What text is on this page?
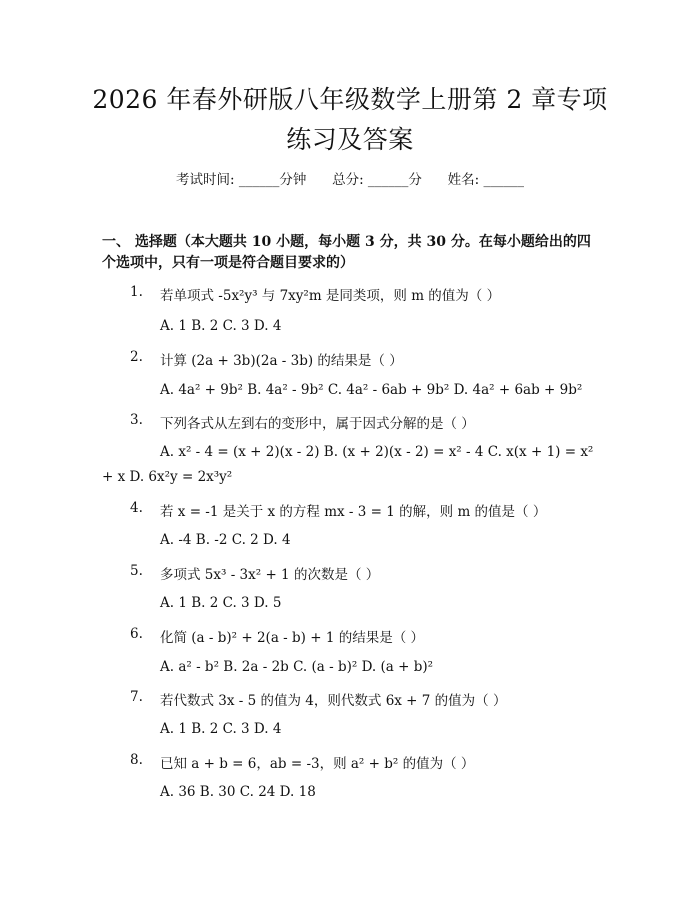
2026 年春外研版八年级数学上册第 2 章专项
练习及答案
考试时间: ______分钟      总分: ______分      姓名: ______
一、 选择题（本大题共 10 小题，每小题 3 分，共 30 分。在每小题给出的四个选项中，只有一项是符合题目要求的）
1. 若单项式 -5x²y³ 与 7xy²m 是同类项，则 m 的值为（ ）
A. 1 B. 2 C. 3 D. 4
2. 计算 (2a + 3b)(2a - 3b) 的结果是（ ）
A. 4a² + 9b² B. 4a² - 9b² C. 4a² - 6ab + 9b² D. 4a² + 6ab + 9b²
3. 下列各式从左到右的变形中，属于因式分解的是（ ）
A. x² - 4 = (x + 2)(x - 2) B. (x + 2)(x - 2) = x² - 4 C. x(x + 1) = x² + x D. 6x²y = 2x³y²
4. 若 x = -1 是关于 x 的方程 mx - 3 = 1 的解，则 m 的值是（ ）
A. -4 B. -2 C. 2 D. 4
5. 多项式 5x³ - 3x² + 1 的次数是（ ）
A. 1 B. 2 C. 3 D. 5
6. 化简 (a - b)² + 2(a - b) + 1 的结果是（ ）
A. a² - b² B. 2a - 2b C. (a - b)² D. (a + b)²
7. 若代数式 3x - 5 的值为 4，则代数式 6x + 7 的值为（ ）
A. 1 B. 2 C. 3 D. 4
8. 已知 a + b = 6，ab = -3，则 a² + b² 的值为（ ）
A. 36 B. 30 C. 24 D. 18
